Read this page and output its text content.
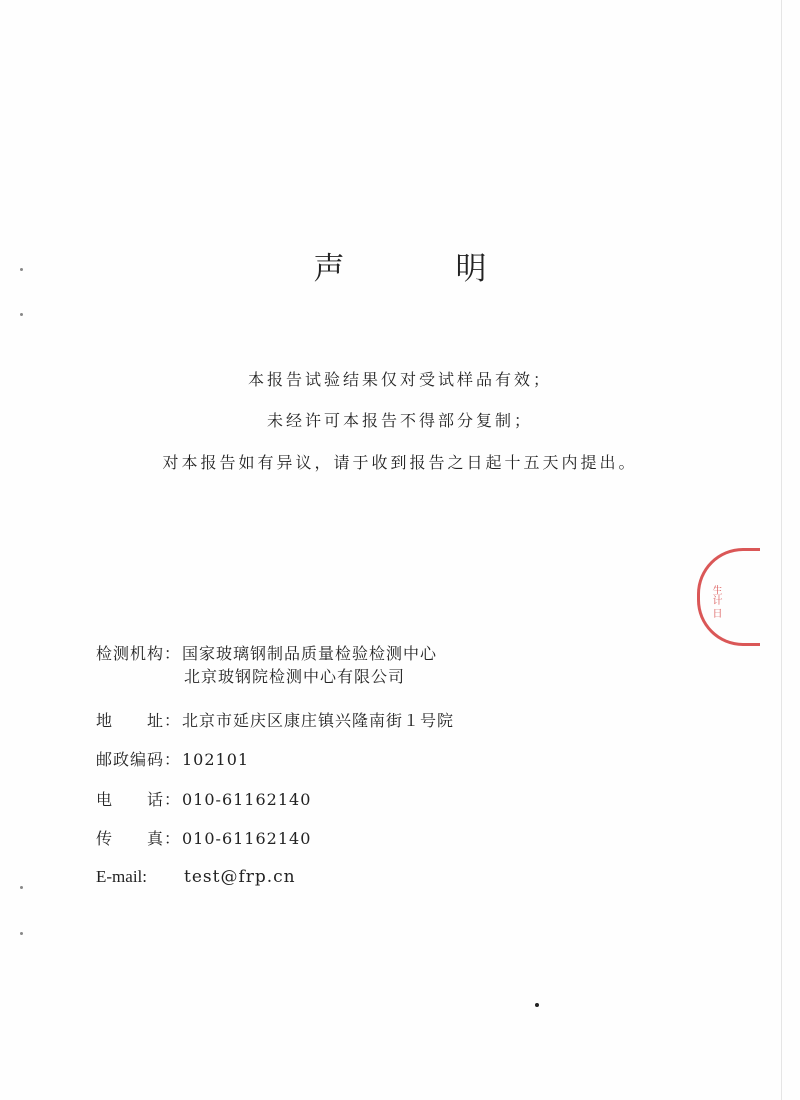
声　明
本报告试验结果仅对受试样品有效；
未经许可本报告不得部分复制；
对本报告如有异议，请于收到报告之日起十五天内提出。
生计 日
检测机构：国家玻璃钢制品质量检验检测中心
北京玻钢院检测中心有限公司
地　　址：北京市延庆区康庄镇兴隆南街１号院
邮政编码：102101
电　　话：010-61162140
传　　真：010-61162140
E-mail: test@frp.cn
